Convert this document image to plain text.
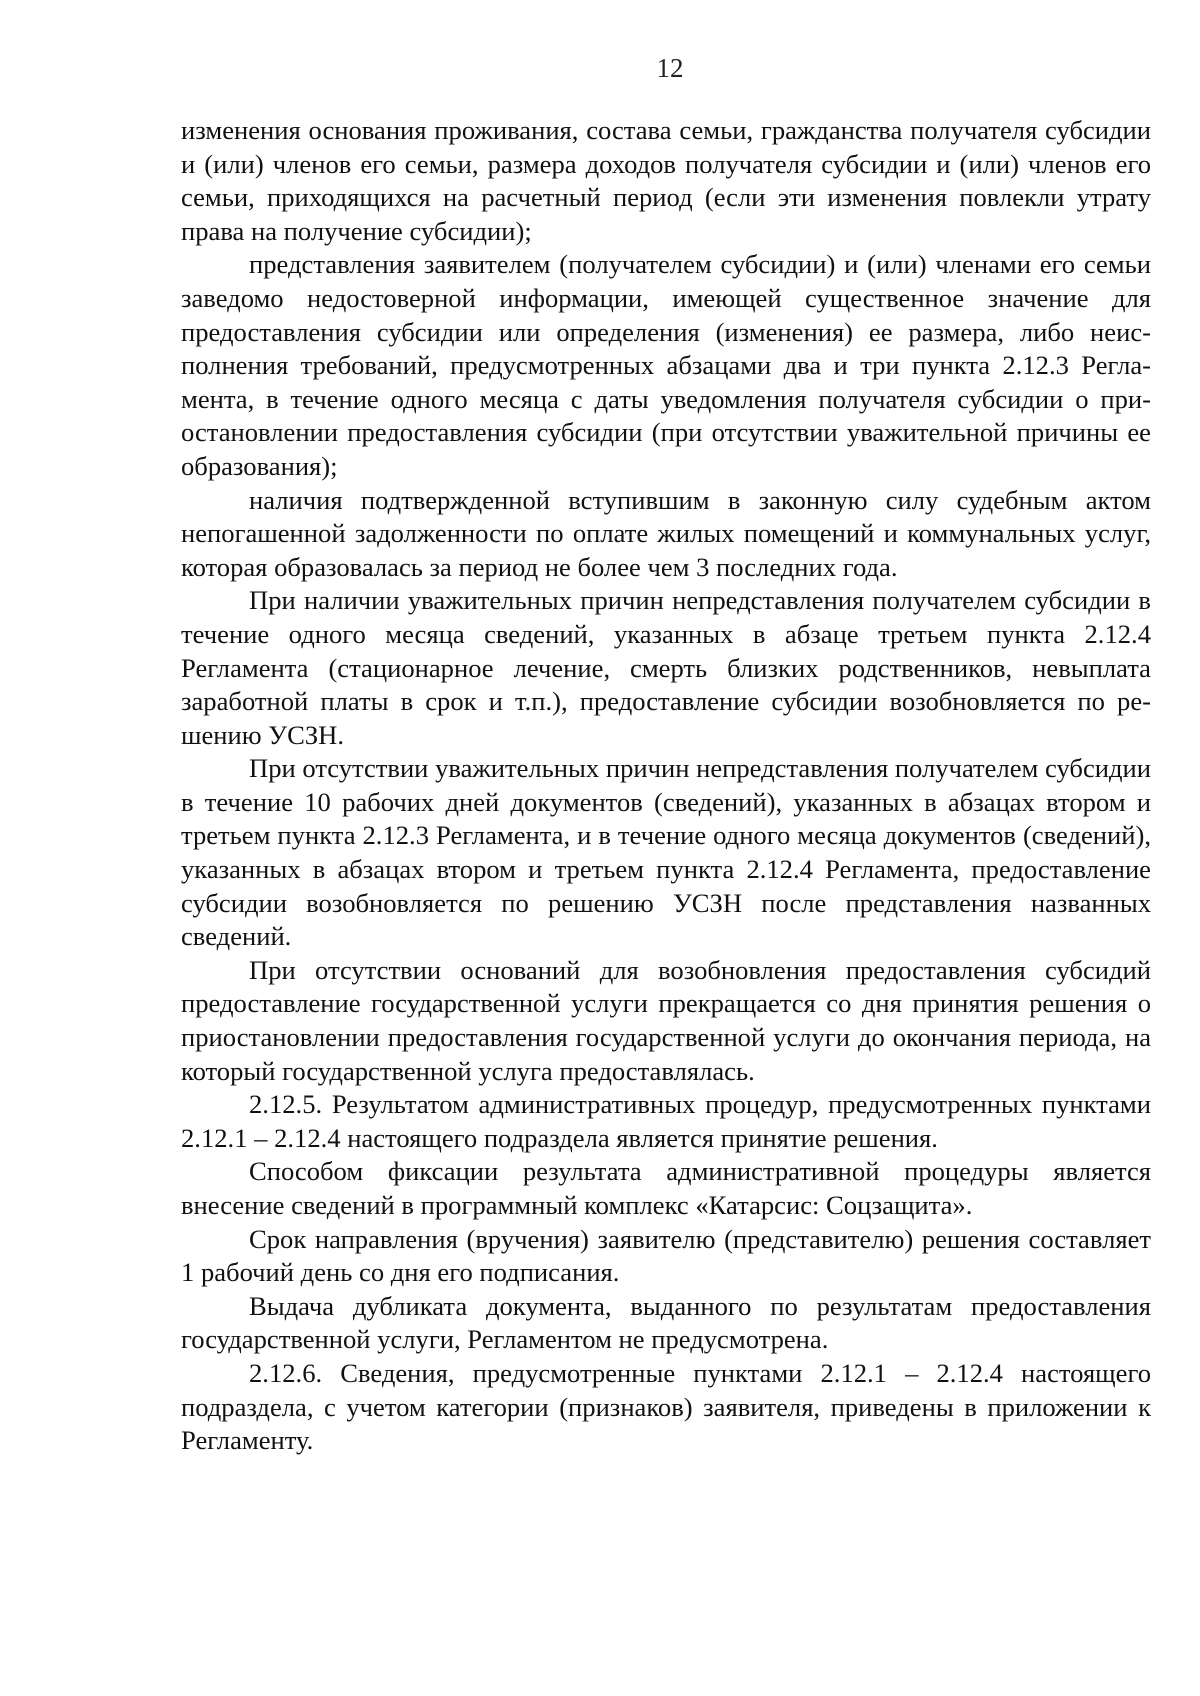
12

изменения основания проживания, состава семьи, гражданства получателя субсидии и (или) членов его семьи, размера доходов получателя субсидии и (или) членов его семьи, приходящихся на расчетный период (если эти изменения повлекли утрату права на получение субсидии);

представления заявителем (получателем субсидии) и (или) членами его семьи заведомо недостоверной информации, имеющей существенное значение для предоставления субсидии или определения (изменения) ее размера, либо неисполнения требований, предусмотренных абзацами два и три пункта 2.12.3 Регламента, в течение одного месяца с даты уведомления получателя субсидии о приостановлении предоставления субсидии (при отсутствии уважительной причины ее образования);

наличия подтвержденной вступившим в законную силу судебным актом непогашенной задолженности по оплате жилых помещений и коммунальных услуг, которая образовалась за период не более чем 3 последних года.

При наличии уважительных причин непредставления получателем субсидии в течение одного месяца сведений, указанных в абзаце третьем пункта 2.12.4 Регламента (стационарное лечение, смерть близких родственников, невыплата заработной платы в срок и т.п.), предоставление субсидии возобновляется по решению УСЗН.

При отсутствии уважительных причин непредставления получателем субсидии в течение 10 рабочих дней документов (сведений), указанных в абзацах втором и третьем пункта 2.12.3 Регламента, и в течение одного месяца документов (сведений), указанных в абзацах втором и третьем пункта 2.12.4 Регламента, предоставление субсидии возобновляется по решению УСЗН после представления названных сведений.

При отсутствии оснований для возобновления предоставления субсидий предоставление государственной услуги прекращается со дня принятия решения о приостановлении предоставления государственной услуги до окончания периода, на который государственной услуга предоставлялась.

2.12.5. Результатом административных процедур, предусмотренных пунктами 2.12.1 – 2.12.4 настоящего подраздела является принятие решения.

Способом фиксации результата административной процедуры является внесение сведений в программный комплекс «Катарсис: Соцзащита».

Срок направления (вручения) заявителю (представителю) решения составляет 1 рабочий день со дня его подписания.

Выдача дубликата документа, выданного по результатам предоставления государственной услуги, Регламентом не предусмотрена.

2.12.6. Сведения, предусмотренные пунктами 2.12.1 – 2.12.4 настоящего подраздела, с учетом категории (признаков) заявителя, приведены в приложении к Регламенту.
